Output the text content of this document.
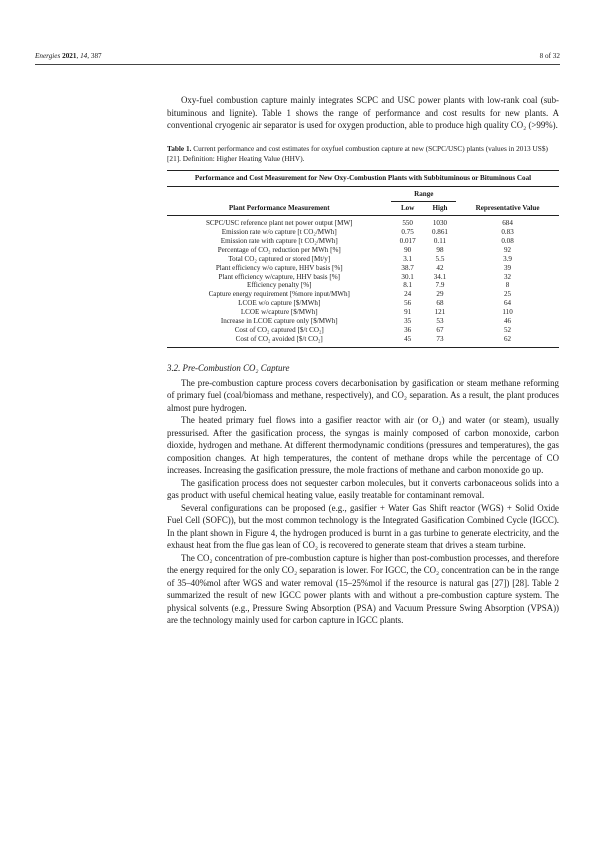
Energies 2021, 14, 387	8 of 32

Oxy-fuel combustion capture mainly integrates SCPC and USC power plants with low-rank coal (sub-bituminous and lignite). Table 1 shows the range of performance and cost results for new plants. A conventional cryogenic air separator is used for oxygen production, able to produce high quality CO₂ (>99%).

Table 1. Current performance and cost estimates for oxyfuel combustion capture at new (SCPC/USC) plants (values in 2013 US$) [21]. Definition: Higher Heating Value (HHV).
Performance and Cost Measurement for New Oxy-Combustion Plants with Subbituminous or Bituminous Coal			
	Range		
Plant Performance Measurement	Low	High	Representative Value
SCPC/USC reference plant net power output [MW]	550	1030	684
Emission rate w/o capture [t CO₂/MWh]	0.75	0.861	0.83
Emission rate with capture [t CO₂/MWh]	0.017	0.11	0.08
Percentage of CO₂ reduction per MWh [%]	90	98	92
Total CO₂ captured or stored [Mt/y]	3.1	5.5	3.9
Plant efficiency w/o capture, HHV basis [%]	38.7	42	39
Plant efficiency w/capture, HHV basis [%]	30.1	34.1	32
Efficiency penalty [%]	8.1	7.9	8
Capture energy requirement [%more input/MWh]	24	29	25
LCOE w/o capture [$/MWh]	56	68	64
LCOE w/capture [$/MWh]	91	121	110
Increase in LCOE capture only [$/MWh]	35	53	46
Cost of CO₂ captured [$/t CO₂]	36	67	52
Cost of CO₂ avoided [$/t CO₂]	45	73	62
3.2. Pre-Combustion CO₂ Capture

The pre-combustion capture process covers decarbonisation by gasification or steam methane reforming of primary fuel (coal/biomass and methane, respectively), and CO₂ separation. As a result, the plant produces almost pure hydrogen.

The heated primary fuel flows into a gasifier reactor with air (or O₂) and water (or steam), usually pressurised. After the gasification process, the syngas is mainly composed of carbon monoxide, carbon dioxide, hydrogen and methane. At different thermodynamic conditions (pressures and temperatures), the gas composition changes. At high temperatures, the content of methane drops while the percentage of CO increases. Increasing the gasification pressure, the mole fractions of methane and carbon monoxide go up.

The gasification process does not sequester carbon molecules, but it converts carbonaceous solids into a gas product with useful chemical heating value, easily treatable for contaminant removal.

Several configurations can be proposed (e.g., gasifier + Water Gas Shift reactor (WGS) + Solid Oxide Fuel Cell (SOFC)), but the most common technology is the Integrated Gasification Combined Cycle (IGCC). In the plant shown in Figure 4, the hydrogen produced is burnt in a gas turbine to generate electricity, and the exhaust heat from the flue gas lean of CO₂ is recovered to generate steam that drives a steam turbine.

The CO₂ concentration of pre-combustion capture is higher than post-combustion processes, and therefore the energy required for the only CO₂ separation is lower. For IGCC, the CO₂ concentration can be in the range of 35–40%mol after WGS and water removal (15–25%mol if the resource is natural gas [27]) [28]. Table 2 summarized the result of new IGCC power plants with and without a pre-combustion capture system. The physical solvents (e.g., Pressure Swing Absorption (PSA) and Vacuum Pressure Swing Absorption (VPSA)) are the technology mainly used for carbon capture in IGCC plants.
